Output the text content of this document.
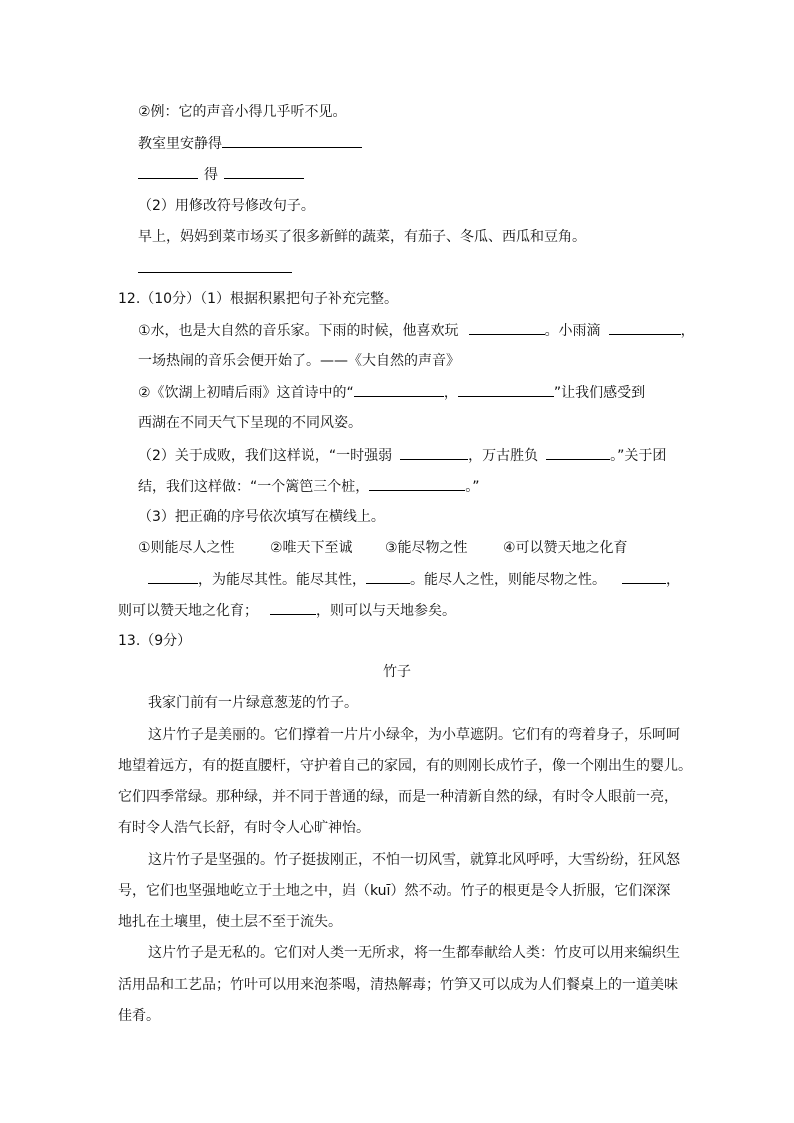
②例：它的声音小得几乎听不见。
教室里安静得
得
（2）用修改符号修改句子。
早上，妈妈到菜市场买了很多新鲜的蔬菜，有茄子、冬瓜、西瓜和豆角。
12.（10分）（1）根据积累把句子补充完整。
①水，也是大自然的音乐家。下雨的时候，他喜欢玩	。小雨滴	，
一场热闹的音乐会便开始了。——《大自然的声音》
②《饮湖上初晴后雨》这首诗中的“	，	”让我们感受到
西湖在不同天气下呈现的不同风姿。
（2）关于成败，我们这样说，“一时强弱	，万古胜负	。”关于团
结，我们这样做：“一个篱笆三个桩，	。”
（3）把正确的序号依次填写在横线上。
①则能尽人之性	②唯天下至诚 ③能尽物之性	④可以赞天地之化育
，为能尽其性。能尽其性，	。能尽人之性，则能尽物之性。	，
则可以赞天地之化育；	，则可以与天地参矣。
13.（9分）
竹子
我家门前有一片绿意葱茏的竹子。
这片竹子是美丽的。它们撑着一片片小绿伞，为小草遮阴。它们有的弯着身子，乐呵呵
地望着远方，有的挺直腰杆，守护着自己的家园，有的则刚长成竹子，像一个刚出生的婴儿。
它们四季常绿。那种绿，并不同于普通的绿，而是一种清新自然的绿，有时令人眼前一亮，
有时令人浩气长舒，有时令人心旷神怡。
这片竹子是坚强的。竹子挺拔刚正，不怕一切风雪，就算北风呼呼，大雪纷纷，狂风怒
号，它们也坚强地屹立于土地之中，岿（kuī）然不动。竹子的根更是令人折服，它们深深
地扎在土壤里，使土层不至于流失。
这片竹子是无私的。它们对人类一无所求，将一生都奉献给人类：竹皮可以用来编织生
活用品和工艺品；竹叶可以用来泡茶喝，清热解毒；竹笋又可以成为人们餐桌上的一道美味
佳肴。
